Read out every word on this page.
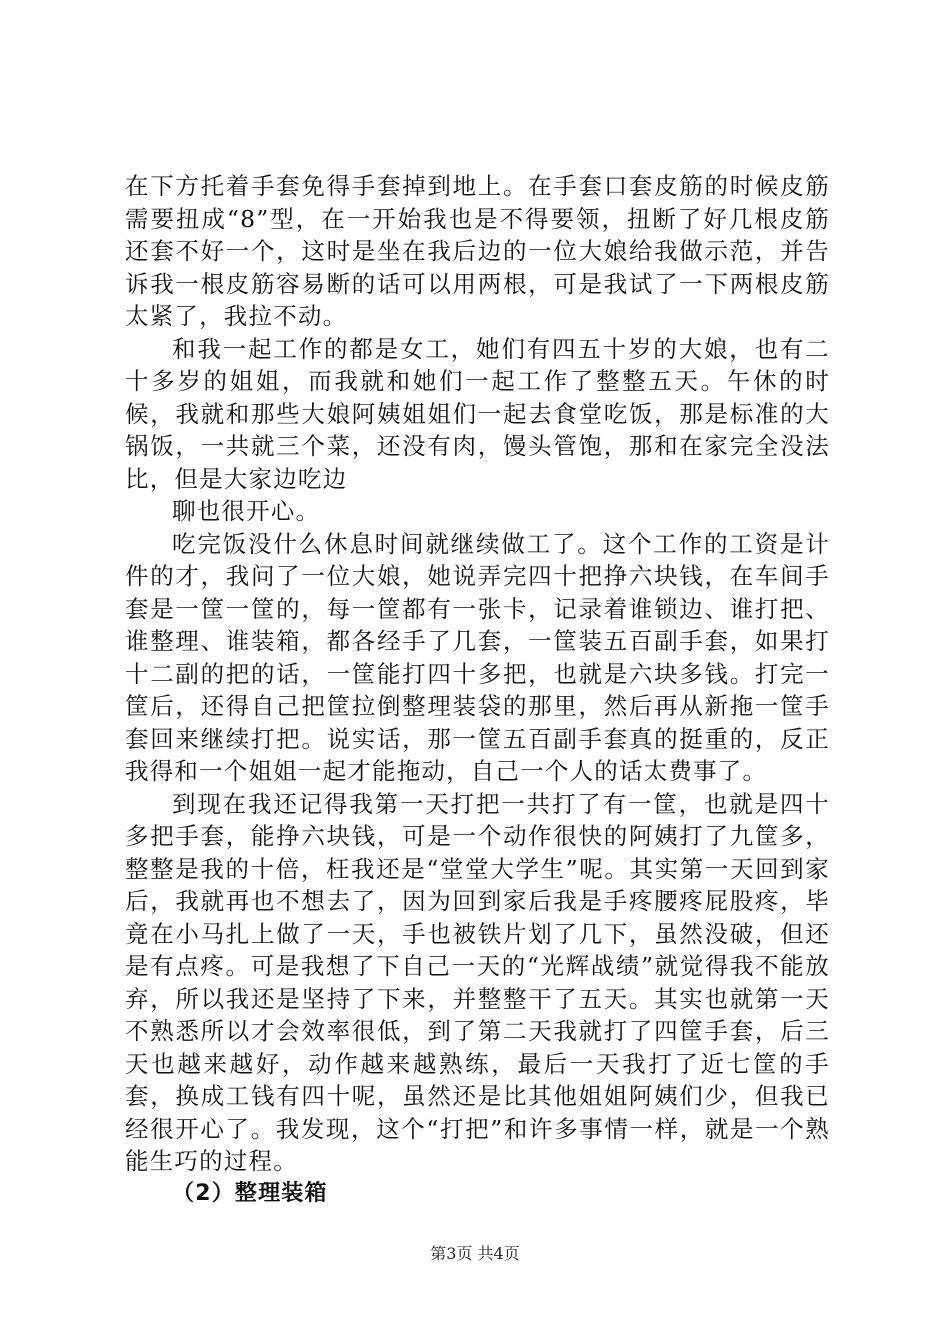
在下方托着手套免得手套掉到地上。在手套口套皮筋的时候皮筋需要扭成“8”型，在一开始我也是不得要领，扭断了好几根皮筋还套不好一个，这时是坐在我后边的一位大娘给我做示范，并告诉我一根皮筋容易断的话可以用两根，可是我试了一下两根皮筋太紧了，我拉不动。

和我一起工作的都是女工，她们有四五十岁的大娘，也有二十多岁的姐姐，而我就和她们一起工作了整整五天。午休的时候，我就和那些大娘阿姨姐姐们一起去食堂吃饭，那是标准的大锅饭，一共就三个菜，还没有肉，馒头管饱，那和在家完全没法比，但是大家边吃边

聊也很开心。

吃完饭没什么休息时间就继续做工了。这个工作的工资是计件的才，我问了一位大娘，她说弄完四十把挣六块钱，在车间手套是一筐一筐的，每一筐都有一张卡，记录着谁锁边、谁打把、谁整理、谁装箱，都各经手了几套，一筐装五百副手套，如果打十二副的把的话，一筐能打四十多把，也就是六块多钱。打完一筐后，还得自己把筐拉倒整理装袋的那里，然后再从新拖一筐手套回来继续打把。说实话，那一筐五百副手套真的挺重的，反正我得和一个姐姐一起才能拖动，自己一个人的话太费事了。

到现在我还记得我第一天打把一共打了有一筐，也就是四十多把手套，能挣六块钱，可是一个动作很快的阿姨打了九筐多，整整是我的十倍，枉我还是“堂堂大学生”呢。其实第一天回到家后，我就再也不想去了，因为回到家后我是手疼腰疼屁股疼，毕竟在小马扎上做了一天，手也被铁片划了几下，虽然没破，但还是有点疼。可是我想了下自己一天的“光辉战绩”就觉得我不能放弃，所以我还是坚持了下来，并整整干了五天。其实也就第一天不熟悉所以才会效率很低，到了第二天我就打了四筐手套，后三天也越来越好，动作越来越熟练，最后一天我打了近七筐的手套，换成工钱有四十呢，虽然还是比其他姐姐阿姨们少，但我已经很开心了。我发现，这个“打把”和许多事情一样，就是一个熟能生巧的过程。

（2）整理装箱

第3页 共4页
